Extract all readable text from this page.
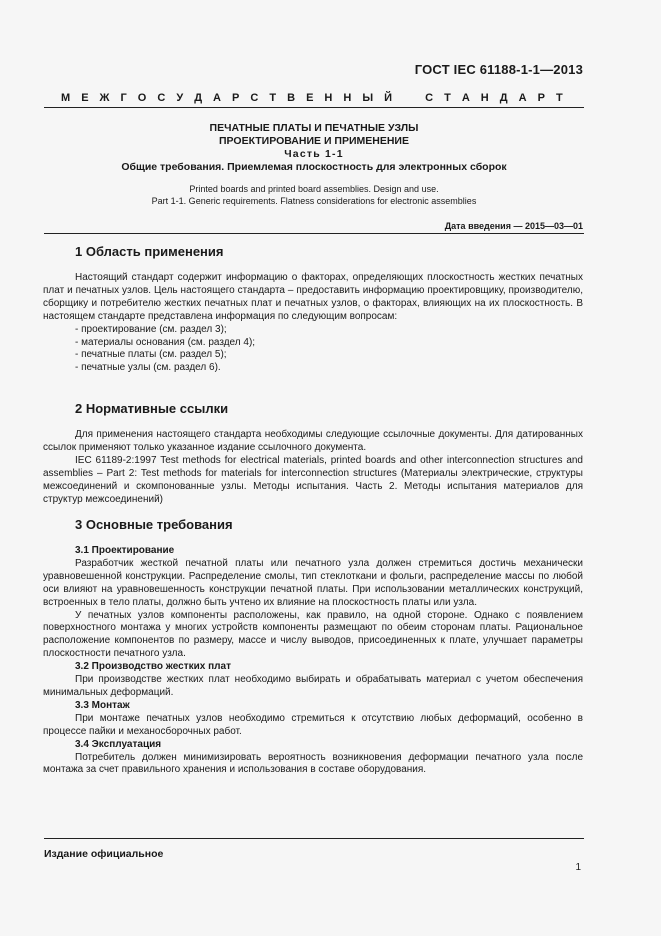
ГОСТ IEC 61188-1-1—2013
М Е Ж Г О С У Д А Р С Т В Е Н Н Ы Й	С Т А Н Д А Р Т
ПЕЧАТНЫЕ ПЛАТЫ И ПЕЧАТНЫЕ УЗЛЫ
ПРОЕКТИРОВАНИЕ И ПРИМЕНЕНИЕ
Часть 1-1
Общие требования. Приемлемая плоскостность для электронных сборок
Printed boards and printed board assemblies. Design and use.
Part 1-1. Generic requirements. Flatness considerations for electronic assemblies
Дата введения — 2015—03—01
1 Область применения

Настоящий стандарт содержит информацию о факторах, определяющих плоскостность жестких печатных плат и печатных узлов. Цель настоящего стандарта – предоставить информацию проектировщику, производителю, сборщику и потребителю жестких печатных плат и печатных узлов, о факторах, влияющих на их плоскостность. В настоящем стандарте представлена информация по следующим вопросам:

- проектирование (см. раздел 3);

- материалы основания (см. раздел 4);

- печатные платы (см. раздел 5);

- печатные узлы (см. раздел 6).

2 Нормативные ссылки

Для применения настоящего стандарта необходимы следующие ссылочные документы. Для датированных ссылок применяют только указанное издание ссылочного документа.

IEC 61189-2:1997 Test methods for electrical materials, printed boards and other interconnection structures and assemblies – Part 2: Test methods for materials for interconnection structures (Материалы электрические, структуры межсоединений и скомпонованные узлы. Методы испытания. Часть 2. Методы испытания материалов для структур межсоединений)

3 Основные требования

3.1 Проектирование

Разработчик жесткой печатной платы или печатного узла должен стремиться достичь механически уравновешенной конструкции. Распределение смолы, тип стеклоткани и фольги, распределение массы по любой оси влияют на уравновешенность конструкции печатной платы. При использовании металлических конструкций, встроенных в тело платы, должно быть учтено их влияние на плоскостность платы или узла.

У печатных узлов компоненты расположены, как правило, на одной стороне. Однако с появлением поверхностного монтажа у многих устройств компоненты размещают по обеим сторонам платы. Рациональное расположение компонентов по размеру, массе и числу выводов, присоединенных к плате, улучшает параметры плоскостности печатного узла.

3.2 Производство жестких плат

При производстве жестких плат необходимо выбирать и обрабатывать материал с учетом обеспечения минимальных деформаций.

3.3 Монтаж

При монтаже печатных узлов необходимо стремиться к отсутствию любых деформаций, особенно в процессе пайки и механосборочных работ.

3.4 Эксплуатация

Потребитель должен минимизировать вероятность возникновения деформации печатного узла после монтажа за счет правильного хранения и использования в составе оборудования.

Издание официальное
1
